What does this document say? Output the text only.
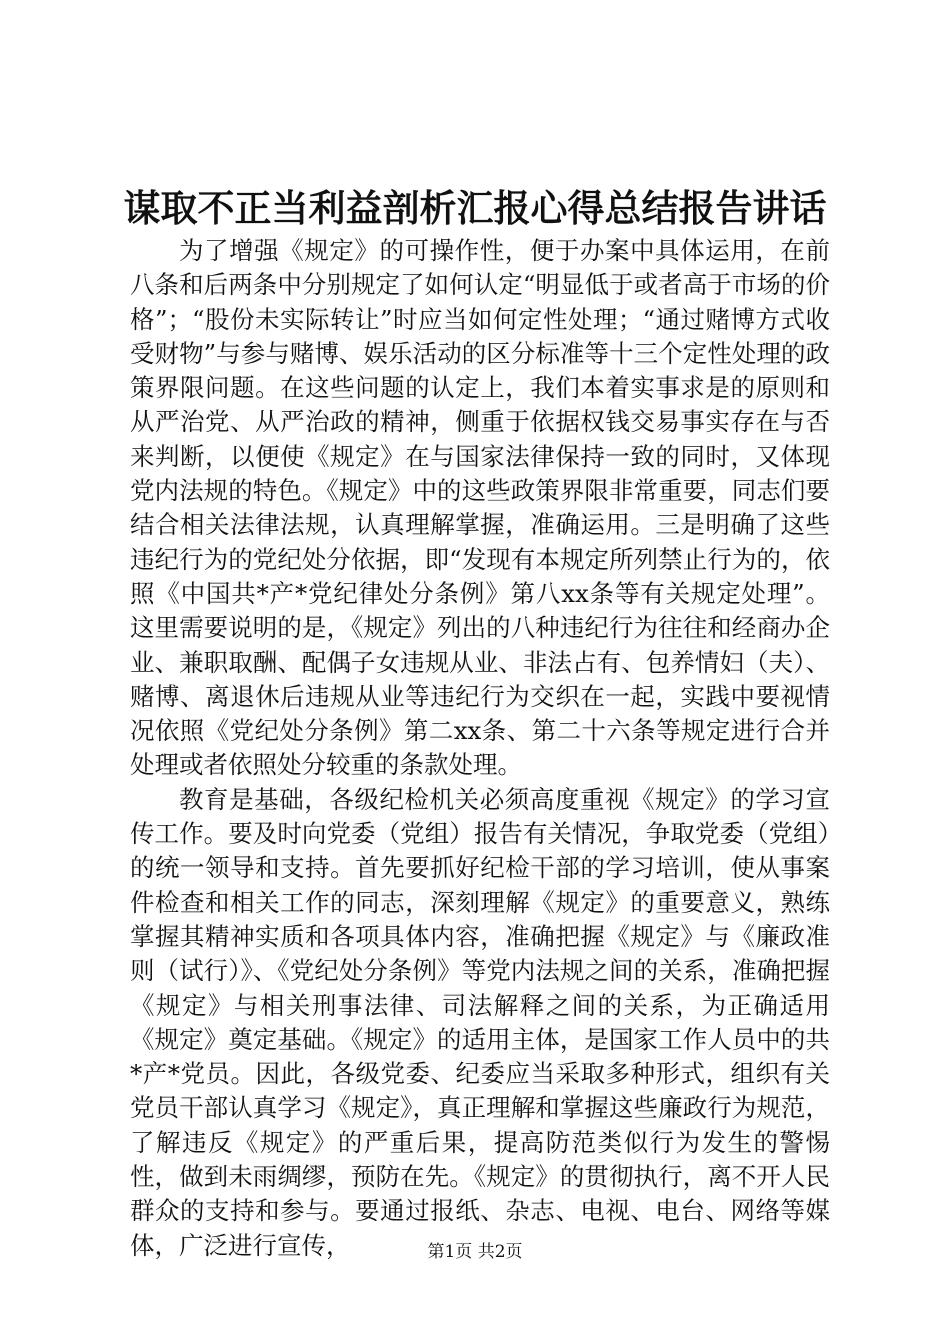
谋取不正当利益剖析汇报心得总结报告讲话

为了增强《规定》的可操作性，便于办案中具体运用，在前八条和后两条中分别规定了如何认定“明显低于或者高于市场的价格”；“股份未实际转让”时应当如何定性处理；“通过赌博方式收受财物”与参与赌博、娱乐活动的区分标准等十三个定性处理的政策界限问题。在这些问题的认定上，我们本着实事求是的原则和从严治党、从严治政的精神，侧重于依据权钱交易事实存在与否来判断，以便使《规定》在与国家法律保持一致的同时，又体现党内法规的特色。《规定》中的这些政策界限非常重要，同志们要结合相关法律法规，认真理解掌握，准确运用。三是明确了这些违纪行为的党纪处分依据，即“发现有本规定所列禁止行为的，依照《中国共*产*党纪律处分条例》第八xx条等有关规定处理”。这里需要说明的是，《规定》列出的八种违纪行为往往和经商办企业、兼职取酬、配偶子女违规从业、非法占有、包养情妇（夫）、赌博、离退休后违规从业等违纪行为交织在一起，实践中要视情况依照《党纪处分条例》第二xx条、第二十六条等规定进行合并处理或者依照处分较重的条款处理。

教育是基础，各级纪检机关必须高度重视《规定》的学习宣传工作。要及时向党委（党组）报告有关情况，争取党委（党组）的统一领导和支持。首先要抓好纪检干部的学习培训，使从事案件检查和相关工作的同志，深刻理解《规定》的重要意义，熟练掌握其精神实质和各项具体内容，准确把握《规定》与《廉政准则（试行）》、《党纪处分条例》等党内法规之间的关系，准确把握《规定》与相关刑事法律、司法解释之间的关系，为正确适用《规定》奠定基础。《规定》的适用主体，是国家工作人员中的共*产*党员。因此，各级党委、纪委应当采取多种形式，组织有关党员干部认真学习《规定》，真正理解和掌握这些廉政行为规范，了解违反《规定》的严重后果，提高防范类似行为发生的警惕性，做到未雨绸缪，预防在先。《规定》的贯彻执行，离不开人民群众的支持和参与。要通过报纸、杂志、电视、电台、网络等媒体，广泛进行宣传，	第1页 共2页
